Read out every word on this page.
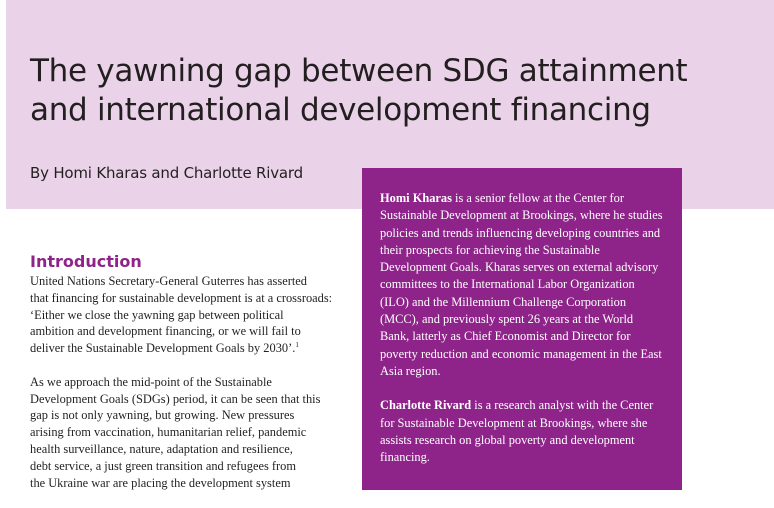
The yawning gap between SDG attainment
and international development financing
By Homi Kharas and Charlotte Rivard

Homi Kharas is a senior fellow at the Center for Sustainable Development at Brookings, where he studies policies and trends influencing developing countries and their prospects for achieving the Sustainable Development Goals. Kharas serves on external advisory committees to the International Labor Organization (ILO) and the Millennium Challenge Corporation (MCC), and previously spent 26 years at the World Bank, latterly as Chief Economist and Director for poverty reduction and economic management in the East Asia region.

Charlotte Rivard is a research analyst with the Center for Sustainable Development at Brookings, where she assists research on global poverty and development financing.

Introduction

United Nations Secretary-General Guterres has asserted
that financing for sustainable development is at a crossroads:
‘Either we close the yawning gap between political
ambition and development financing, or we will fail to
deliver the Sustainable Development Goals by 2030’.$^1$

As we approach the mid-point of the Sustainable
Development Goals (SDGs) period, it can be seen that this
gap is not only yawning, but growing. New pressures
arising from vaccination, humanitarian relief, pandemic
health surveillance, nature, adaptation and resilience,
debt service, a just green transition and refugees from
the Ukraine war are placing the development system
